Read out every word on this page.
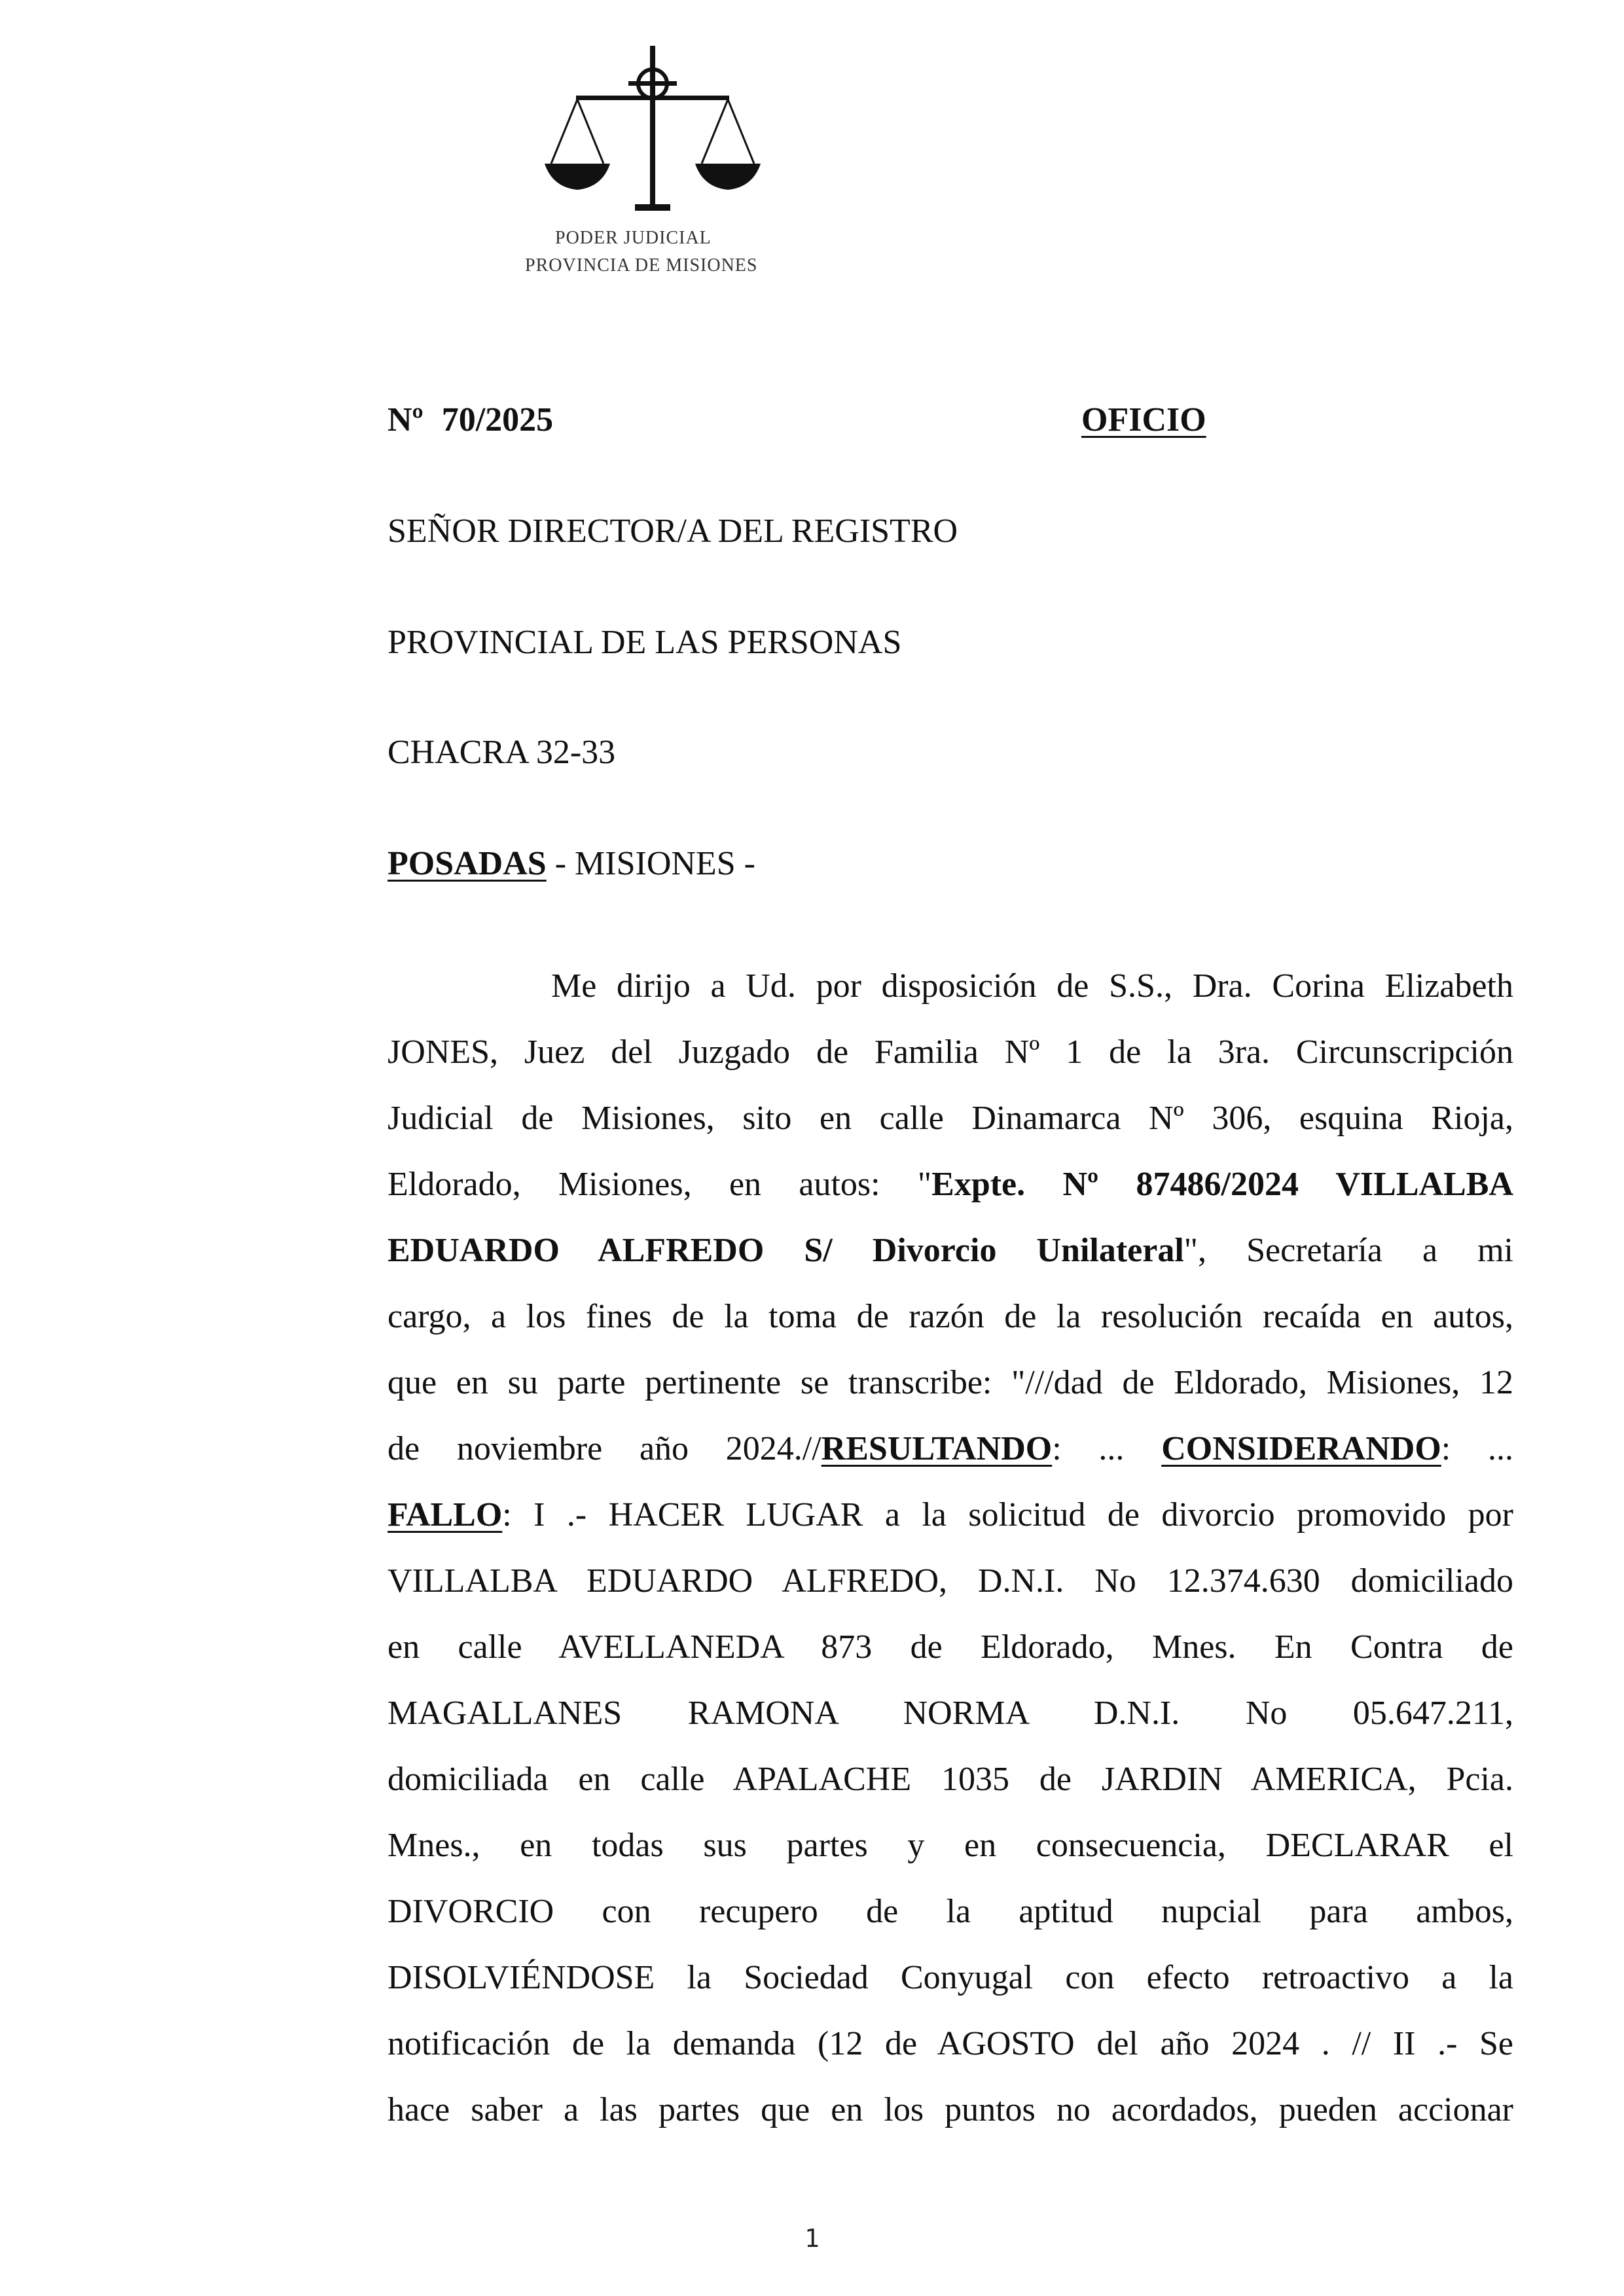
PODER JUDICIAL
PROVINCIA DE MISIONES
Nº 70/2025	OFICIO
SEÑOR DIRECTOR/A DEL REGISTRO
PROVINCIAL DE LAS PERSONAS
CHACRA 32-33
POSADAS - MISIONES -
Me dirijo a Ud. por disposición de S.S., Dra. Corina Elizabeth
JONES, Juez del Juzgado de Familia Nº 1 de la 3ra. Circunscripción
Judicial de Misiones, sito en calle Dinamarca Nº 306, esquina Rioja,
Eldorado, Misiones, en autos: "Expte. Nº 87486/2024 VILLALBA
EDUARDO ALFREDO S/ Divorcio Unilateral", Secretaría a mi
cargo, a los fines de la toma de razón de la resolución recaída en autos,
que en su parte pertinente se transcribe: "///dad de Eldorado, Misiones, 12
de noviembre año 2024.//RESULTANDO: ... CONSIDERANDO: ...
FALLO: I .- HACER LUGAR a la solicitud de divorcio promovido por
VILLALBA EDUARDO ALFREDO, D.N.I. No 12.374.630 domiciliado
en calle AVELLANEDA 873 de Eldorado, Mnes. En Contra de
MAGALLANES RAMONA NORMA D.N.I. No 05.647.211,
domiciliada en calle APALACHE 1035 de JARDIN AMERICA, Pcia.
Mnes., en todas sus partes y en consecuencia, DECLARAR el
DIVORCIO con recupero de la aptitud nupcial para ambos,
DISOLVIÉNDOSE la Sociedad Conyugal con efecto retroactivo a la
notificación de la demanda (12 de AGOSTO del año 2024 . // II .- Se
hace saber a las partes que en los puntos no acordados, pueden accionar
1
